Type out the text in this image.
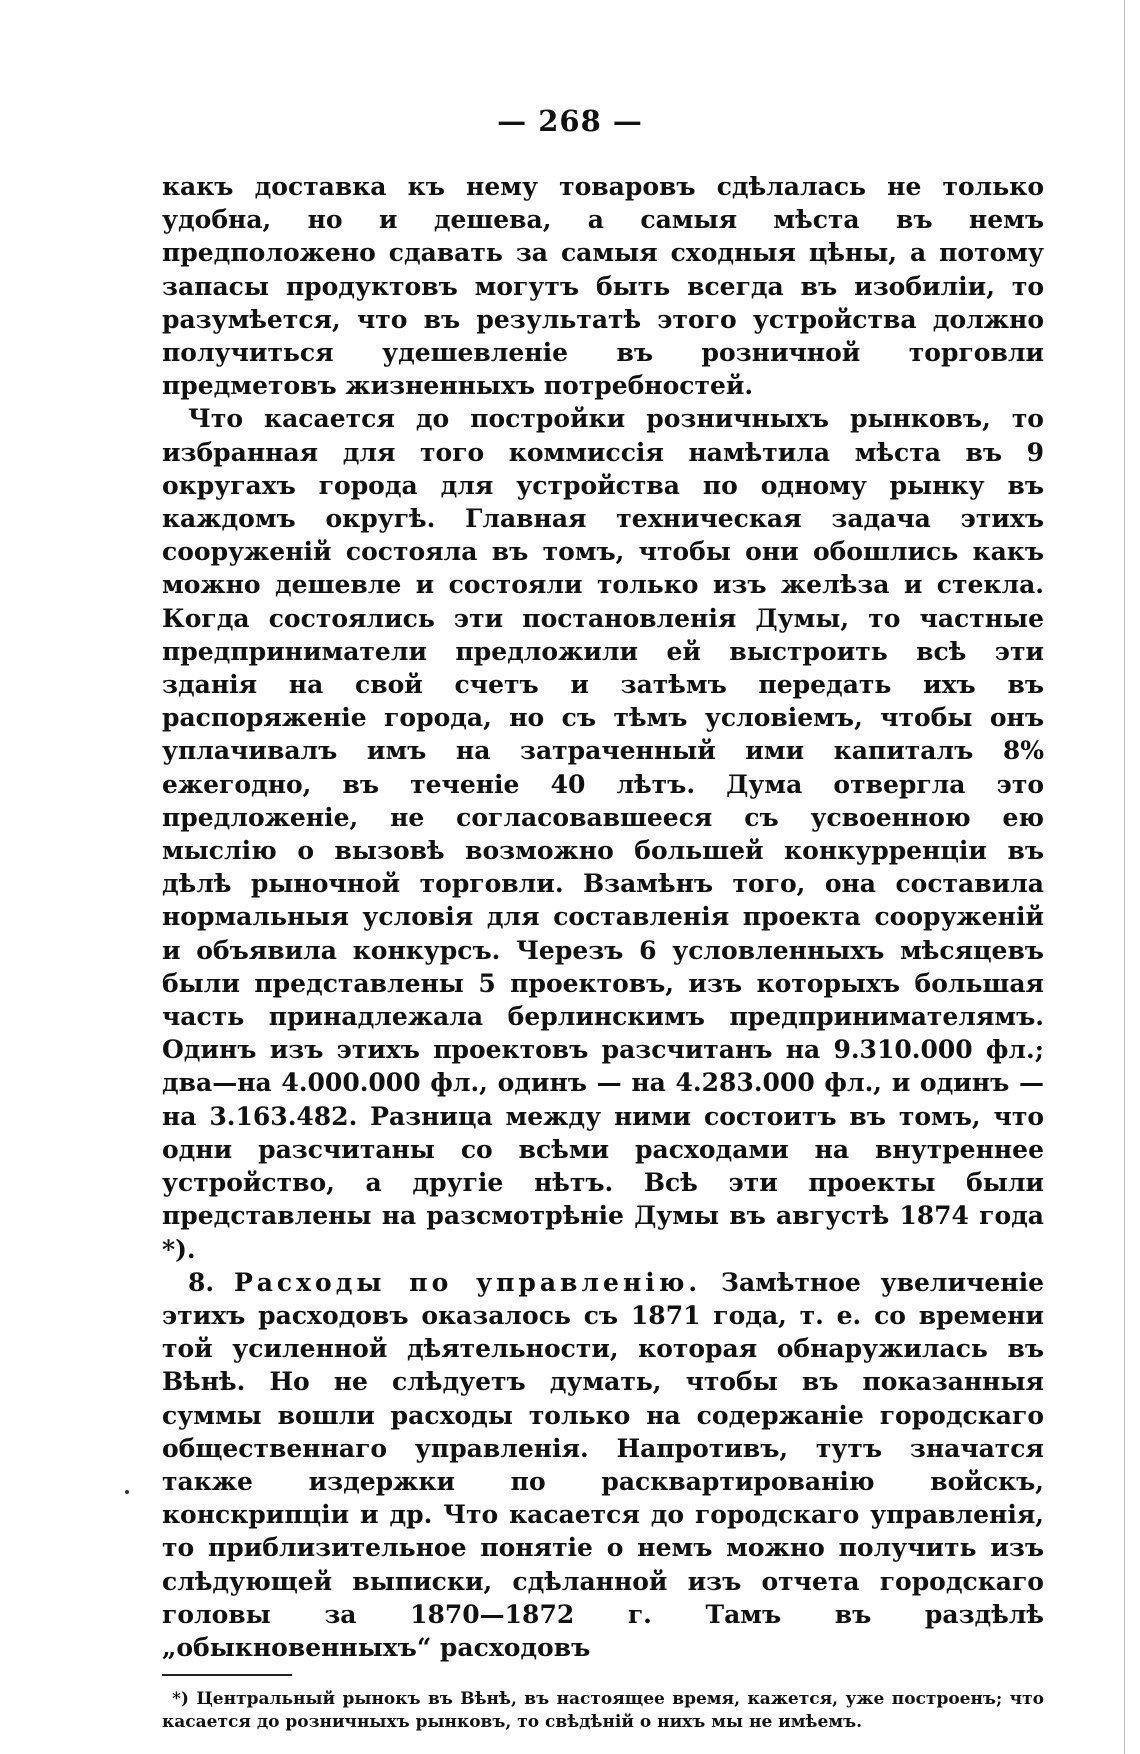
— 268 —

какъ доставка къ нему товаровъ сдѣлалась не только удобна, но и дешева, а самыя мѣста въ немъ предположено сдавать за самыя сходныя цѣны, а потому запасы продуктовъ могутъ быть всегда въ изобиліи, то разумѣется, что въ результатѣ этого устройства должно получиться удешевленіе въ розничной торговли предметовъ жизненныхъ потребностей.

Что касается до постройки розничныхъ рынковъ, то избранная для того коммиссія намѣтила мѣста въ 9 округахъ города для устройства по одному рынку въ каждомъ округѣ. Главная техническая задача этихъ сооруженій состояла въ томъ, чтобы они обошлись какъ можно дешевле и состояли только изъ желѣза и стекла. Когда состоялись эти постановленія Думы, то частные предприниматели предложили ей выстроить всѣ эти зданія на свой счетъ и затѣмъ передать ихъ въ распоряженіе города, но съ тѣмъ условіемъ, чтобы онъ уплачивалъ имъ на затраченный ими капиталъ 8% ежегодно, въ теченіе 40 лѣтъ. Дума отвергла это предложеніе, не согласовавшееся съ усвоенною ею мыслію о вызовѣ возможно большей конкурренціи въ дѣлѣ рыночной торговли. Взамѣнъ того, она составила нормальныя условія для составленія проекта сооруженій и объявила конкурсъ. Черезъ 6 условленныхъ мѣсяцевъ были представлены 5 проектовъ, изъ которыхъ большая часть принадлежала берлинскимъ предпринимателямъ. Одинъ изъ этихъ проектовъ разсчитанъ на 9.310.000 фл.; два—на 4.000.000 фл., одинъ — на 4.283.000 фл., и одинъ — на 3.163.482. Разница между ними состоитъ въ томъ, что одни разсчитаны со всѣми расходами на внутреннее устройство, а другіе нѣтъ. Всѣ эти проекты были представлены на разсмотрѣніе Думы въ августѣ 1874 года *).

8. Расходы по управленію. Замѣтное увеличеніе этихъ расходовъ оказалось съ 1871 года, т. е. со времени той усиленной дѣятельности, которая обнаружилась въ Вѣнѣ. Но не слѣдуетъ думать, чтобы въ показанныя суммы вошли расходы только на содержаніе городскаго общественнаго управленія. Напротивъ, тутъ значатся также издержки по расквартированію войскъ, конскрипціи и др. Что касается до городскаго управленія, то приблизительное понятіе о немъ можно получить изъ слѣдующей выписки, сдѣланной изъ отчета городскаго головы за 1870—1872 г. Тамъ въ раздѣлѣ „обыкновенныхъ“ расходовъ

*) Центральный рынокъ въ Вѣнѣ, въ настоящее время, кажется, уже построенъ; что касается до розничныхъ рынковъ, то свѣдѣній о нихъ мы не имѣемъ.
